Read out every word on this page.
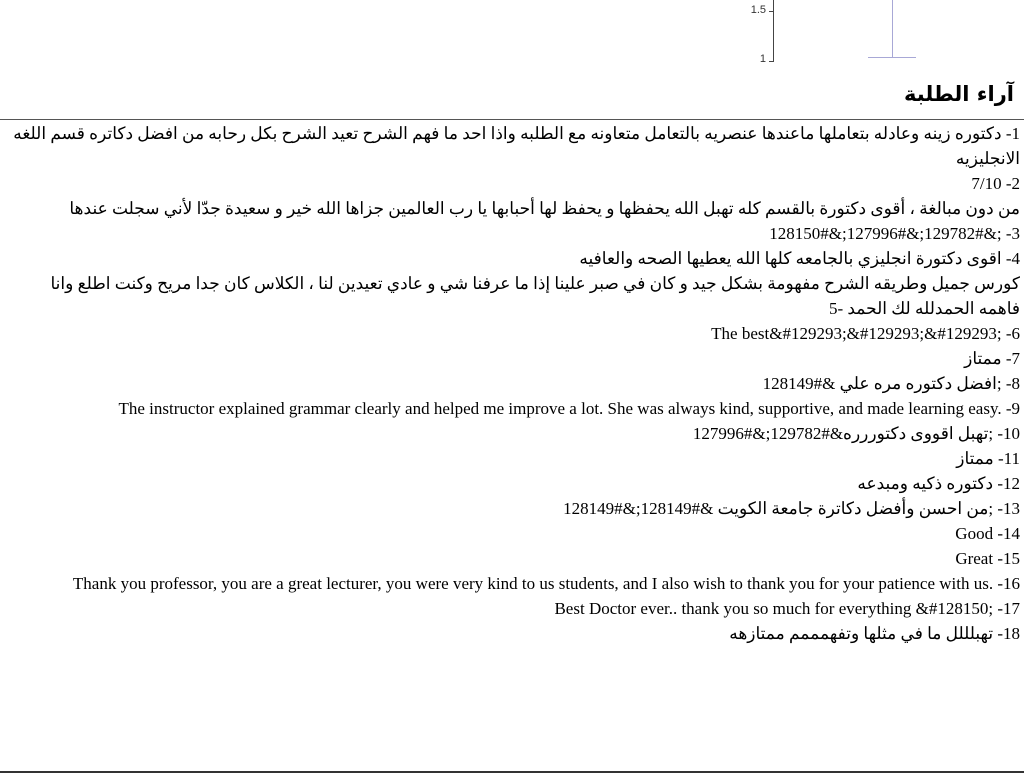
1.5
1
آراء الطلبة

1- دكتوره زينه وعادله بتعاملها ماعندها عنصريه بالتعامل متعاونه مع الطلبه واذا احد ما فهم الشرح تعيد الشرح بكل رحابه من افضل دكاتره قسم اللغه الانجليزيه

7/10 -2

من دون مبالغة ، أقوى دكتورة بالقسم كله تهبل الله يحفظها و يحفظ لها أحبابها يا رب العالمين جزاها الله خير و سعيدة جدّا لأني سجلت عندها

128150#&;127996#&;129782#&; -3

4- اقوى دكتورة انجليزي بالجامعه كلها الله يعطيها الصحه والعافيه

كورس جميل وطريقه الشرح مفهومة بشكل جيد و كان في صبر علينا إذا ما عرفنا شي و عادي تعيدين لنا ، الكلاس كان جدا مريح وكنت اطلع وانا فاهمه الحمدلله لك الحمد -5

The best&#129293;&#129293;&#129293; -6

7- ممتاز

8- ;افضل دكتوره مره علي &#128149

The instructor explained grammar clearly and helped me improve a lot. She was always kind, supportive, and made learning easy. -9

10- ;تهبل اقووى دكتوررره&#129782;&#127996

11- ممتاز

12- دكتوره ذكيه ومبدعه

13- ;من احسن وأفضل دكاترة جامعة الكويت &#128149;&#128149

Good -14

Great -15

Thank you professor, you are a great lecturer, you were very kind to us students, and I also wish to thank you for your patience with us. -16

Best Doctor ever.. thank you so much for everything &#128150; -17

18- تهبلللل ما في مثلها وتفهمممم ممتازهه
